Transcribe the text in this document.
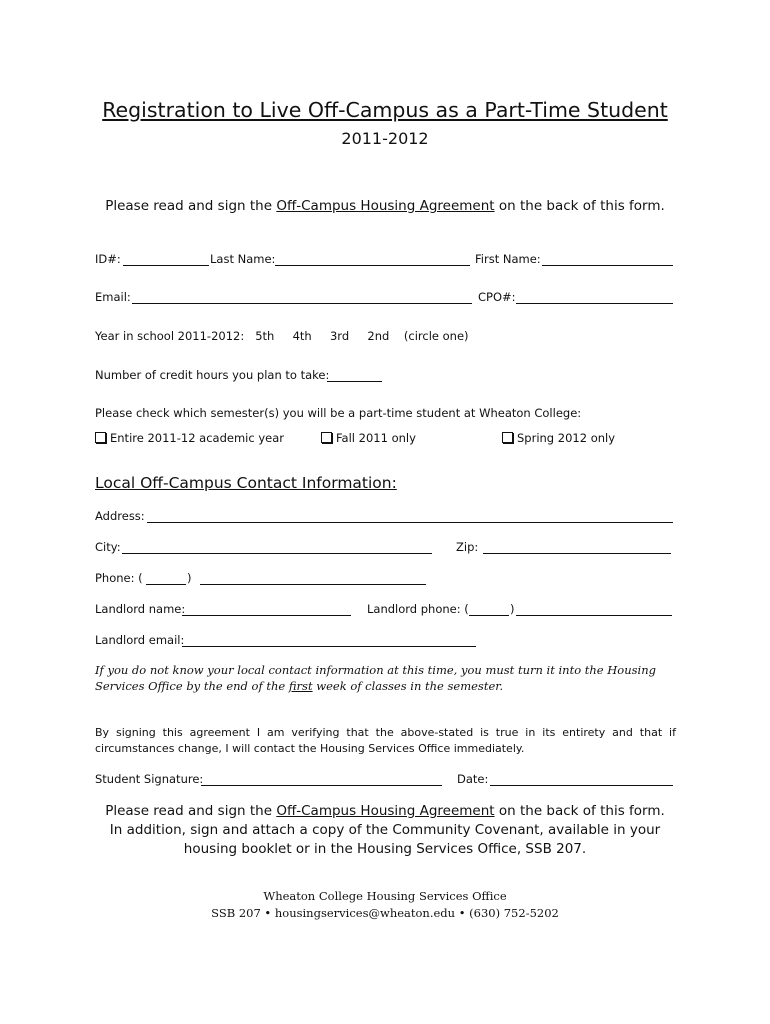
Registration to Live Off-Campus as a Part-Time Student
2011-2012
Please read and sign the Off-Campus Housing Agreement on the back of this form.
ID#:	Last Name:	First Name:
Email:	CPO#:
Year in school 2011-2012:   5th     4th     3rd     2nd    (circle one)
Number of credit hours you plan to take:
Please check which semester(s) you will be a part-time student at Wheaton College:
Entire 2011-12 academic year	Fall 2011 only	Spring 2012 only
Local Off-Campus Contact Information:
Address:
City:	Zip:
Phone: (	)
Landlord name:	Landlord phone: (	)
Landlord email:
If you do not know your local contact information at this time, you must turn it into the Housing Services Office by the end of the first week of classes in the semester.
By signing this agreement I am verifying that the above-stated is true in its entirety and that if circumstances change, I will contact the Housing Services Office immediately.
Student Signature:	Date:
Please read and sign the Off-Campus Housing Agreement on the back of this form.
In addition, sign and attach a copy of the Community Covenant, available in your
housing booklet or in the Housing Services Office, SSB 207.
Wheaton College Housing Services Office
SSB 207 • housingservices@wheaton.edu • (630) 752-5202
